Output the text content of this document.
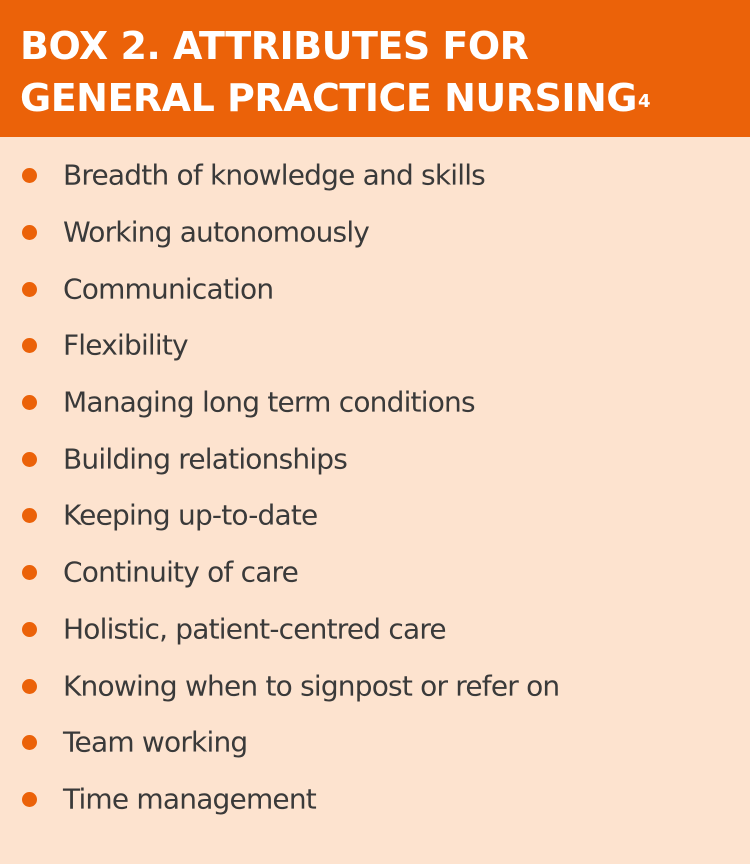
BOX 2. ATTRIBUTES FOR GENERAL PRACTICE NURSING$^4$
Breadth of knowledge and skills
Working autonomously
Communication
Flexibility
Managing long term conditions
Building relationships
Keeping up-to-date
Continuity of care
Holistic, patient-centred care
Knowing when to signpost or refer on
Team working
Time management
